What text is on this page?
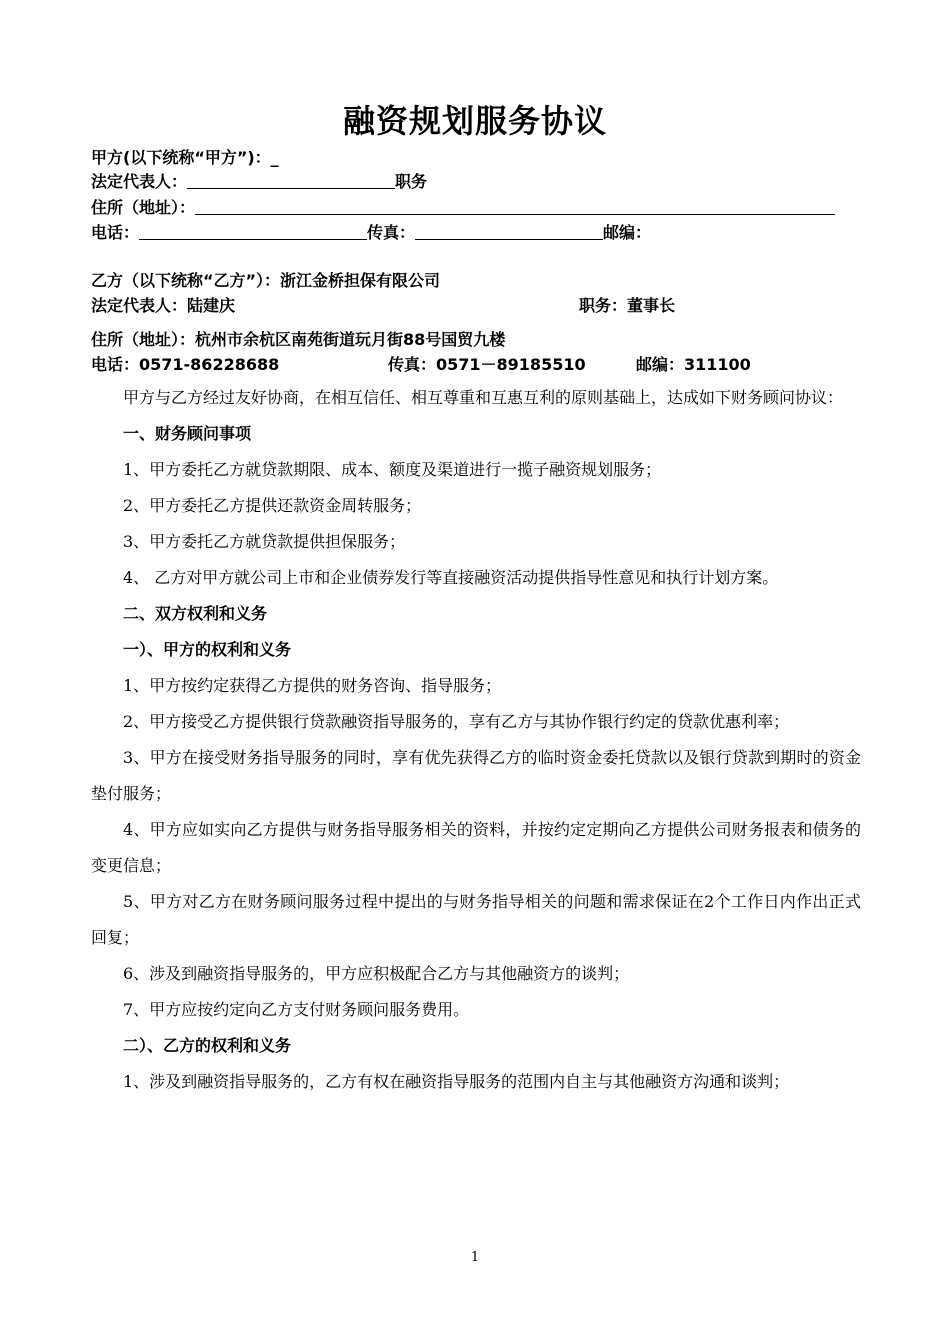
融资规划服务协议
甲方(以下统称“甲方”)：_
法定代表人：	职务
住所（地址）：
电话：	传真：	邮编：
乙方（以下统称“乙方”）：浙江金桥担保有限公司
法定代表人：陆建庆	职务：董事长
住所（地址）：杭州市余杭区南苑街道玩月街88号国贸九楼
电话：0571-86228688	传真：0571－89185510	邮编：311100

甲方与乙方经过友好协商，在相互信任、相互尊重和互惠互利的原则基础上，达成如下财务顾问协议：

一、财务顾问事项

1、甲方委托乙方就贷款期限、成本、额度及渠道进行一揽子融资规划服务；

2、甲方委托乙方提供还款资金周转服务；

3、甲方委托乙方就贷款提供担保服务；

4、 乙方对甲方就公司上市和企业债券发行等直接融资活动提供指导性意见和执行计划方案。

二、双方权利和义务

一）、甲方的权利和义务

1、甲方按约定获得乙方提供的财务咨询、指导服务；

2、甲方接受乙方提供银行贷款融资指导服务的，享有乙方与其协作银行约定的贷款优惠利率；

3、甲方在接受财务指导服务的同时，享有优先获得乙方的临时资金委托贷款以及银行贷款到期时的资金垫付服务；

4、甲方应如实向乙方提供与财务指导服务相关的资料，并按约定定期向乙方提供公司财务报表和债务的变更信息；

5、甲方对乙方在财务顾问服务过程中提出的与财务指导相关的问题和需求保证在2个工作日内作出正式回复；

6、涉及到融资指导服务的，甲方应积极配合乙方与其他融资方的谈判；

7、甲方应按约定向乙方支付财务顾问服务费用。

二）、乙方的权利和义务

1、涉及到融资指导服务的，乙方有权在融资指导服务的范围内自主与其他融资方沟通和谈判；

1
